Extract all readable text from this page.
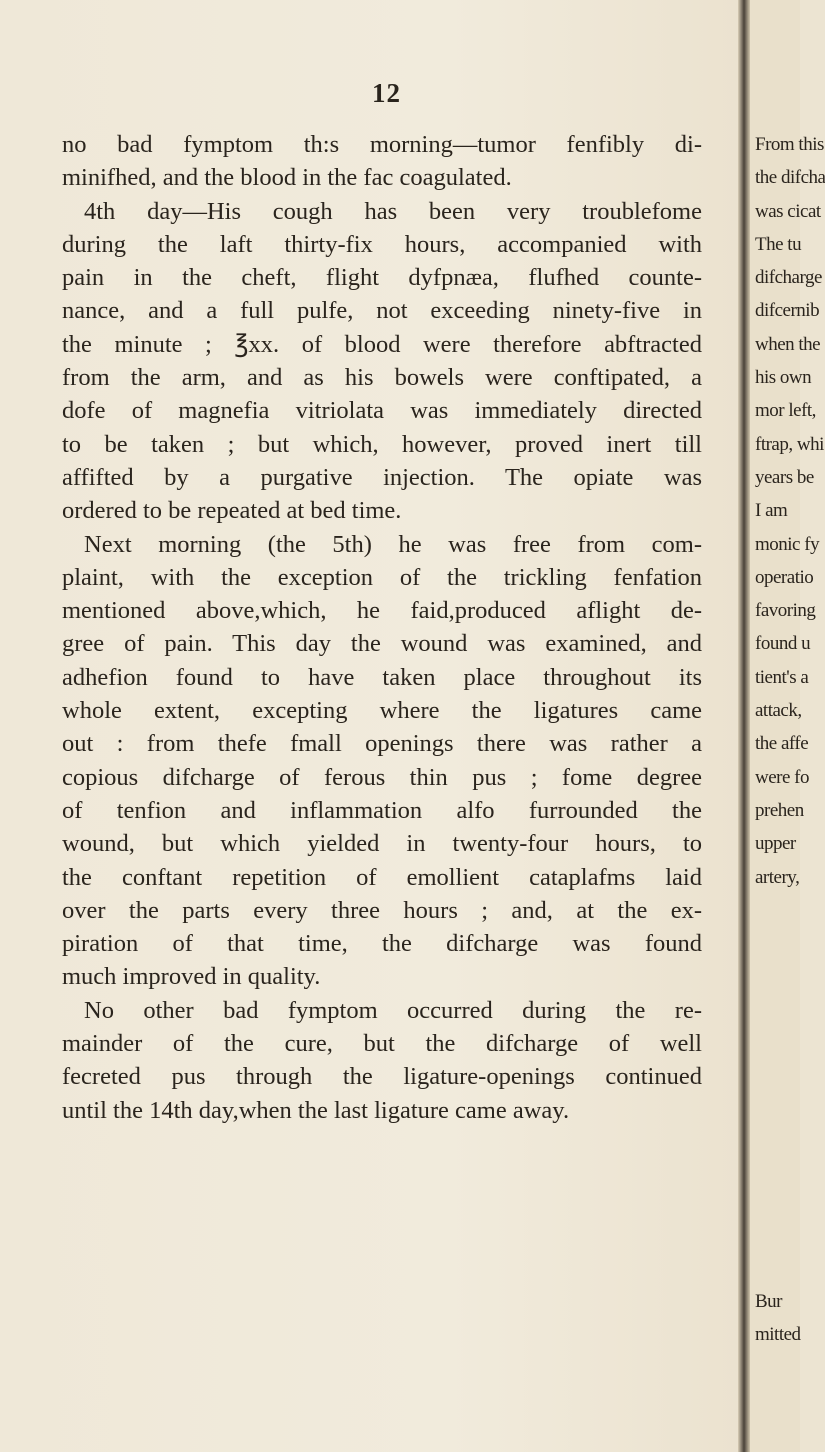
12
no bad fymptom th:s morning—tumor fenfibly di-
minifhed, and the blood in the fac coagulated.
4th day—His cough has been very troublefome
during the laft thirty-fix hours, accompanied with
pain in the cheft, flight dyfpnæa, flufhed counte-
nance, and a full pulfe, not exceeding ninety-five in
the minute ; ℥xx. of blood were therefore abftracted
from the arm, and as his bowels were conftipated, a
dofe of magnefia vitriolata was immediately directed
to be taken ; but which, however, proved inert till
affifted by a purgative injection. The opiate was
ordered to be repeated at bed time.
Next morning (the 5th) he was free from com-
plaint, with the exception of the trickling fenfation
mentioned above,which, he faid,produced aflight de-
gree of pain. This day the wound was examined, and
adhefion found to have taken place throughout its
whole extent, excepting where the ligatures came
out : from thefe fmall openings there was rather a
copious difcharge of ferous thin pus ; fome degree
of tenfion and inflammation alfo furrounded the
wound, but which yielded in twenty-four hours, to
the conftant repetition of emollient cataplafms laid
over the parts every three hours ; and, at the ex-
piration of that time, the difcharge was found
much improved in quality.
No other bad fymptom occurred during the re-
mainder of the cure, but the difcharge of well
fecreted pus through the ligature-openings continued
until the 14th day,when the last ligature came away.
From this
the difcha
was cicat
The tu
difcharge
difcernib
when the
his own
mor left,
ftrap, whi
years be
I am
monic fy
operatio
favoring
found u
tient's a
attack,
the affe
were fo
prehen
upper
artery,
Bur
mitted
